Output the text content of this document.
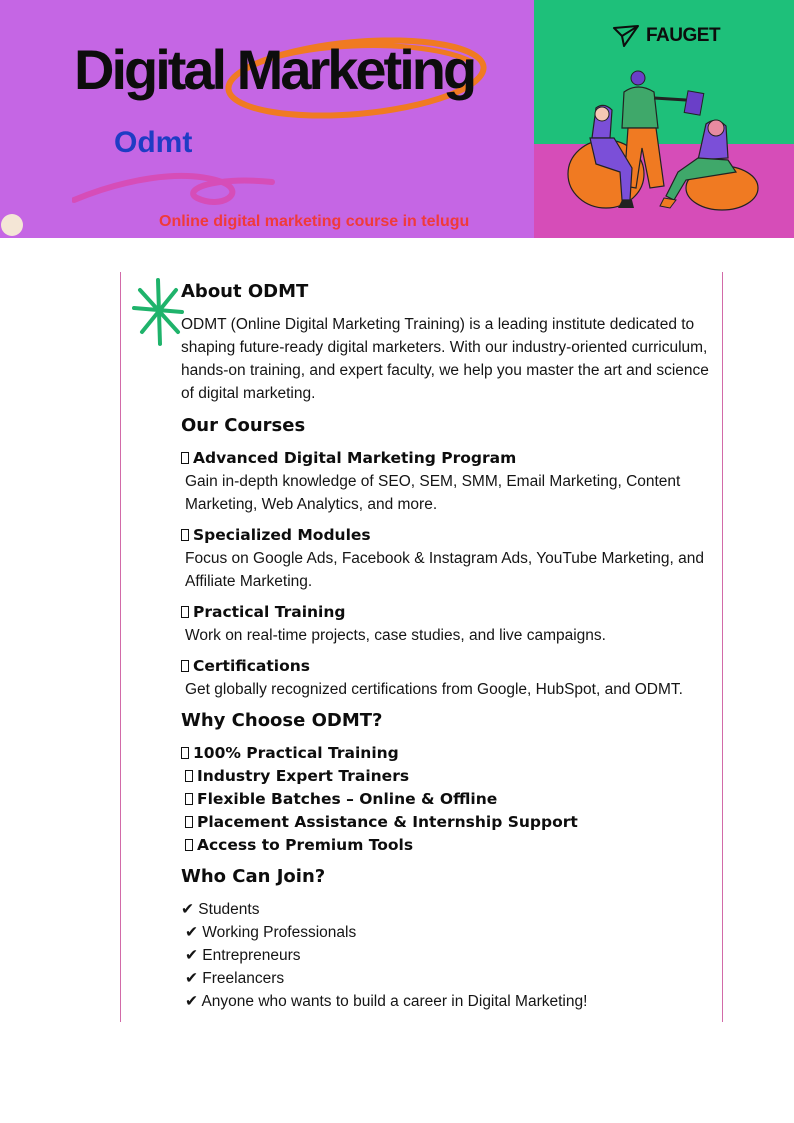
Digital Marketing
Odmt
Online digital marketing course in telugu
FAUGET
About ODMT
ODMT (Online Digital Marketing Training) is a leading institute dedicated to shaping future-ready digital marketers. With our industry-oriented curriculum, hands-on training, and expert faculty, we help you master the art and science of digital marketing.
Our Courses
Advanced Digital Marketing Program
Gain in-depth knowledge of SEO, SEM, SMM, Email Marketing, Content Marketing, Web Analytics, and more.
Specialized Modules
Focus on Google Ads, Facebook & Instagram Ads, YouTube Marketing, and Affiliate Marketing.
Practical Training
Work on real-time projects, case studies, and live campaigns.
Certifications
Get globally recognized certifications from Google, HubSpot, and ODMT.
Why Choose ODMT?
100% Practical Training
Industry Expert Trainers
Flexible Batches – Online & Offline
Placement Assistance & Internship Support
Access to Premium Tools
Who Can Join?
✔ Students
✔ Working Professionals
✔ Entrepreneurs
✔ Freelancers
✔ Anyone who wants to build a career in Digital Marketing!
